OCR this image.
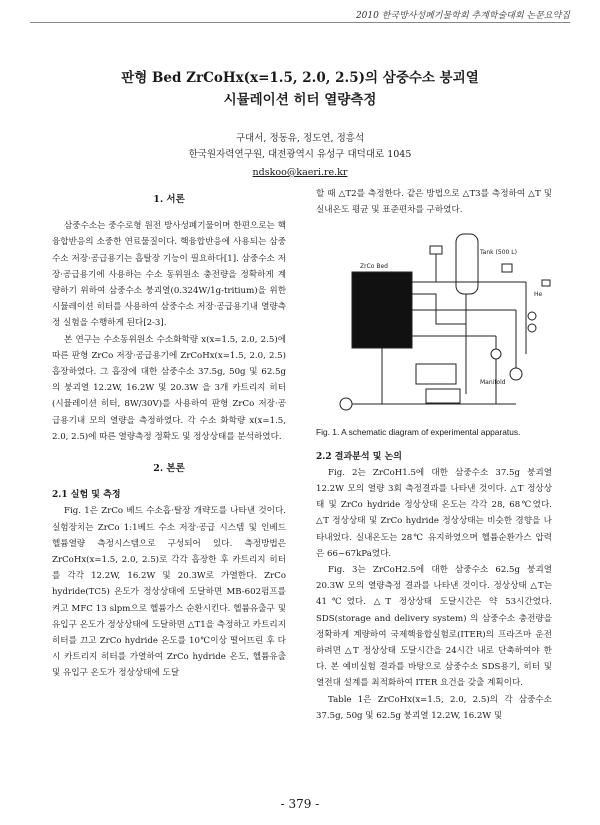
2010 한국방사성폐기물학회 추계학술대회 논문요약집
판형 Bed ZrCoHx(x=1.5, 2.0, 2.5)의 삼중수소 붕괴열
시뮬레이션 히터 열량측정
구대서, 정동유, 정도연, 정흥석
한국원자력연구원, 대전광역시 유성구 대덕대로 1045
ndskoo@kaeri.re.kr
1. 서론

삼중수소는 중수로형 원전 방사성폐기물이며 한편으로는 핵융합반응의 소중한 연료물질이다. 핵융합반응에 사용되는 삼중수소 저장·공급용기는 흡탈장 기능이 필요하다[1]. 삼중수소 저장·공급용기에 사용하는 수소 동위원소 충전량을 정확하게 계량하기 위하여 삼중수소 붕괴열(0.324W/1g-tritium)을 위한 시뮬레이션 히터를 사용하여 삼중수소 저장·공급용기내 열량측정 실험을 수행하게 된다[2-3].

본 연구는 수소동위원소 수소화학량 x(x=1.5, 2.0, 2.5)에 따른 판형 ZrCo 저장·공급용기에 ZrCoHx(x=1.5, 2.0, 2.5)흡장하였다. 그 흡장에 대한 삼중수소 37.5g, 50g 및 62.5g의 붕괴열 12.2W, 16.2W 및 20.3W 을 3개 카트리지 히터(시뮬레이션 히터, 8W/30V)를 사용하여 판형 ZrCo 저장·공급용기내 모의 열량을 측정하였다. 각 수소 화학량 x(x=1.5, 2.0, 2.5)에 따른 열량측정 정확도 및 정상상태를 분석하였다.

2. 본론
2.1 실험 및 측정

Fig. 1은 ZrCo 베드 수소흡·탈장 개략도를 나타낸 것이다. 실험장치는 ZrCo 1:1베드 수소 저장·공급 시스템 및 인베드 헬륨열량 측정시스템으로 구성되어 있다. 측정방법은 ZrCoHx(x=1.5, 2.0, 2.5)로 각각 흡장한 후 카트리지 히터를 각각 12.2W, 16.2W 및 20.3W로 가열한다. ZrCo hydride(TC5) 온도가 정상상태에 도달하면 MB-602펌프를 켜고 MFC 13 slpm으로 헬륨가스 순환시킨다. 헬륨유출구 및 유입구 온도가 정상상태에 도달하면 △T1을 측정하고 카트리지 히터를 끄고 ZrCo hydride 온도를 10℃이상 떨어뜨린 후 다시 카트리지 히터를 가열하여 ZrCo hydride 온도, 헬륨유출 및 유입구 온도가 정상상태에 도달

할 때 △T2를 측정한다. 같은 방법으로 △T3를 측정하여 △T 및 실내온도 평균 및 표준편차를 구하였다.

ZrCo Bed
Tank (500 L)
Manifold
He

Fig. 1. A schematic diagram of experimental apparatus.

2.2 결과분석 및 논의

Fig. 2는 ZrCoH1.5에 대한 삼중수소 37.5g 붕괴열 12.2W 모의 열량 3회 측정결과를 나타낸 것이다. △T 정상상태 및 ZrCo hydride 정상상태 온도는 각각 28, 68℃였다. △T 정상상태 및 ZrCo hydride 정상상태는 비슷한 경향을 나타내었다. 실내온도는 28℃ 유지하였으며 헬륨순환가스 압력은 66~67kPa였다.

Fig. 3는 ZrCoH2.5에 대한 삼중수소 62.5g 붕괴열 20.3W 모의 열량측정 결과를 나타낸 것이다. 정상상태 △T는 41℃였다. △T 정상상태 도달시간은 약 53시간였다. SDS(storage and delivery system) 의 삼중수소 충전량을 정확하게 계량하여 국제핵융합실험로(ITER)의 프라즈마 운전하려면 △T 정상상태 도달시간을 24시간 내로 단축하여야 한다. 본 예비실험 결과를 바탕으로 삼중수소 SDS용기, 히터 및 열전대 설계를 최적화하여 ITER 요건을 갖출 계획이다.

Table 1은 ZrCoHx(x=1.5, 2.0, 2.5)의 각 삼중수소 37.5g, 50g 및 62.5g 붕괴열 12.2W, 16.2W 및

- 379 -
